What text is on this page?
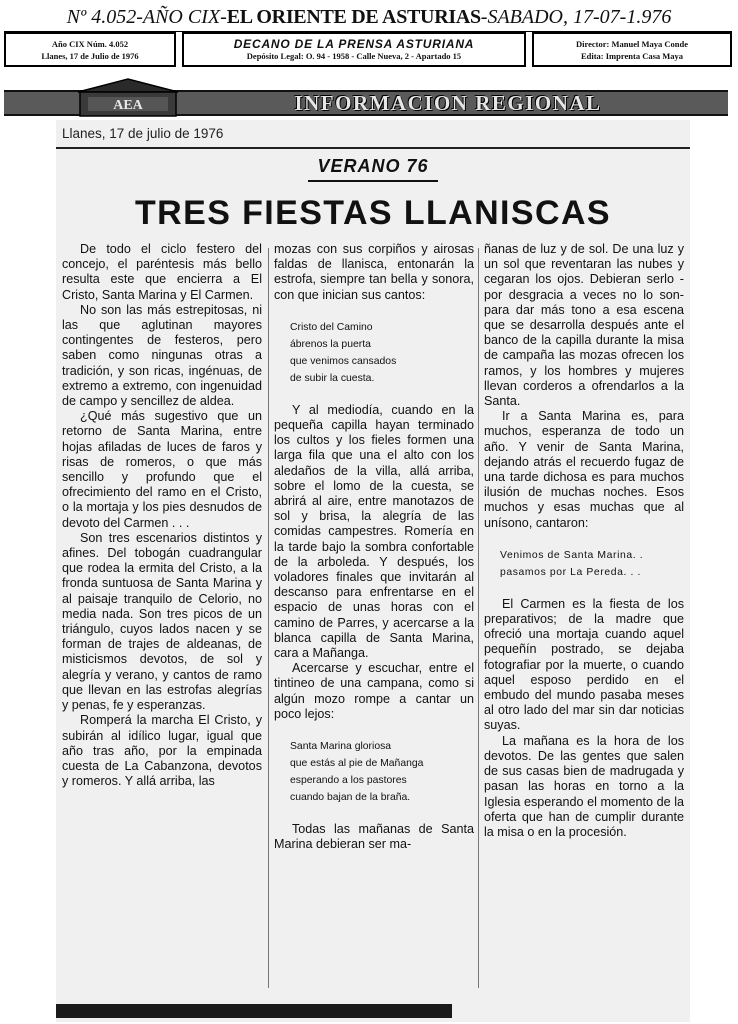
Nº 4.052-AÑO CIX-EL ORIENTE DE ASTURIAS-SABADO, 17-07-1.976
Año CIX Núm. 4.052
Llanes, 17 de Julio de 1976
DECANO DE LA PRENSA ASTURIANA
Depósito Legal: O. 94 - 1958 - Calle Nueva, 2 - Apartado 15
Director: Manuel Maya Conde
Edita: Imprenta Casa Maya
AEA	INFORMACION REGIONAL
Llanes, 17 de julio de 1976
VERANO 76
TRES FIESTAS LLANISCAS

De todo el ciclo festero del concejo, el paréntesis más bello resulta este que encierra a El Cristo, Santa Marina y El Carmen.

No son las más estrepitosas, ni las que aglutinan mayores contingentes de festeros, pero saben como ningunas otras a tradición, y son ricas, ingénuas, de extremo a extremo, con ingenuidad de campo y sencillez de aldea.

¿Qué más sugestivo que un retorno de Santa Marina, entre hojas afiladas de luces de faros y risas de romeros, o que más sencillo y profundo que el ofrecimiento del ramo en el Cristo, o la mortaja y los pies desnudos de devoto del Carmen . . .

Son tres escenarios distintos y afines. Del tobogán cuadrangular que rodea la ermita del Cristo, a la fronda suntuosa de Santa Marina y al paisaje tranquilo de Celorio, no media nada. Son tres picos de un triángulo, cuyos lados nacen y se forman de trajes de aldeanas, de misticismos devotos, de sol y alegría y verano, y cantos de ramo que llevan en las estrofas alegrías y penas, fe y esperanzas.

Romperá la marcha El Cristo, y subirán al idílico lugar, igual que año tras año, por la empinada cuesta de La Cabanzona, devotos y romeros. Y allá arriba, las

mozas con sus corpiños y airosas faldas de llanisca, entonarán la estrofa, siempre tan bella y sonora, con que inician sus cantos:

Cristo del Camino
ábrenos la puerta
que venimos cansados
de subir la cuesta.

Y al mediodía, cuando en la pequeña capilla hayan terminado los cultos y los fieles formen una larga fila que una el alto con los aledaños de la villa, allá arriba, sobre el lomo de la cuesta, se abrirá al aire, entre manotazos de sol y brisa, la alegría de las comidas campestres. Romería en la tarde bajo la sombra confortable de la arboleda. Y después, los voladores finales que invitarán al descanso para enfrentarse en el espacio de unas horas con el camino de Parres, y acercarse a la blanca capilla de Santa Marina, cara a Mañanga.

Acercarse y escuchar, entre el tintineo de una campana, como si algún mozo rompe a cantar un poco lejos:

Santa Marina gloriosa
que estás al pie de Mañanga
esperando a los pastores
cuando bajan de la braña.

Todas las mañanas de Santa Marina debieran ser ma-

ñanas de luz y de sol. De una luz y un sol que reventaran las nubes y cegaran los ojos. Debieran serlo -por desgracia a veces no lo son- para dar más tono a esa escena que se desarrolla después ante el banco de la capilla durante la misa de campaña las mozas ofrecen los ramos, y los hombres y mujeres llevan corderos a ofrendarlos a la Santa.

Ir a Santa Marina es, para muchos, esperanza de todo un año. Y venir de Santa Marina, dejando atrás el recuerdo fugaz de una tarde dichosa es para muchos ilusión de muchas noches. Esos muchos y esas muchas que al unísono, cantaron:

Venimos de Santa Marina. .
pasamos por La Pereda. . .

El Carmen es la fiesta de los preparativos; de la madre que ofreció una mortaja cuando aquel pequeñín postrado, se dejaba fotografiar por la muerte, o cuando aquel esposo perdido en el embudo del mundo pasaba meses al otro lado del mar sin dar noticias suyas.

La mañana es la hora de los devotos. De las gentes que salen de sus casas bien de madrugada y pasan las horas en torno a la Iglesia esperando el momento de la oferta que han de cumplir durante la misa o en la procesión.
